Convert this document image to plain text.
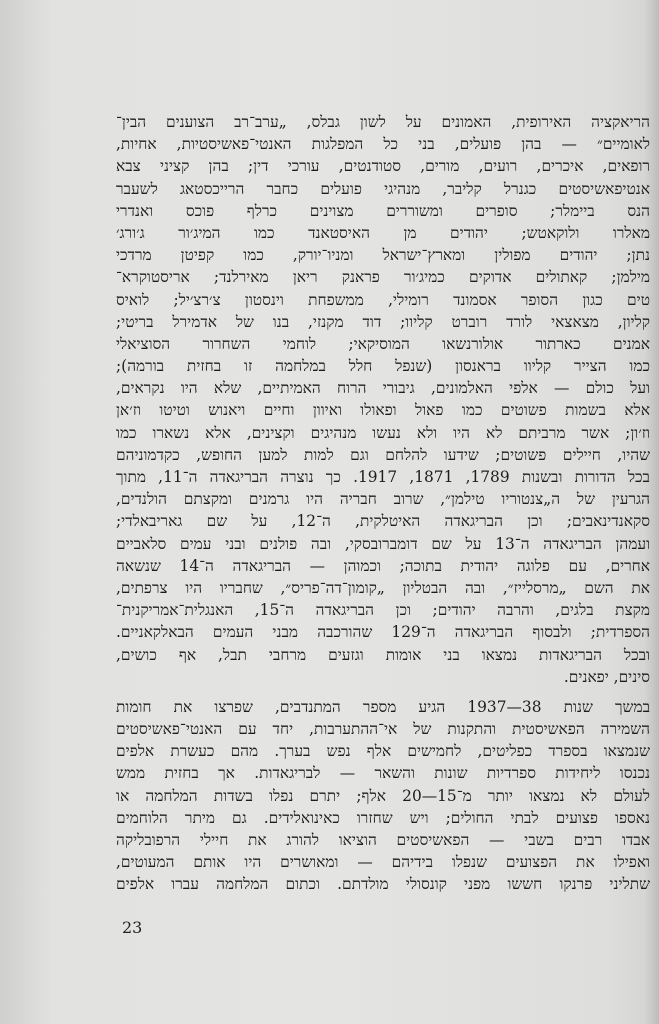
הריאקציה האירופית, האמונים על לשון גבלס, „ערב־רב הצוענים הבין־
לאומיים״ — בהן פועלים, בני כל המפלגות האנטי־פאשיסטיות, אחיות,
רופאים, איכרים, רועים, מורים, סטודנטים, עורכי דין; בהן קציני צבא
אנטיפאשיסטים כגנרל קליבר, מנהיגי פועלים כחבר הרייכסטאג לשעבר
הנס ביימלר; סופרים ומשוררים מצוינים כרלף פוכס ואנדרי
מאלרו ולוקאטש; יהודים מן האיסטאנד כמו המיג׳ור ג׳ורג׳
נתן; יהודים מפולין ומארץ־ישראל ומניו־יורק, כמו קפיטן מרדכי
מילמן; קאתולים אדוקים כמיג׳ור פראנק ריאן מאירלנד; אריסטוקרא־
טים כגון הסופר אסמונד רומילי, ממשפחת וינסטון צ׳רצ׳יל; לואיס
קליון, מצאצאי לורד רוברט קליוו; דוד מקנזי, בנו של אדמירל בריטי;
אמנים כארתור אולורנשאו המוסיקאי; לוחמי השחרור הסוציאלי
כמו הצייר קליוו בראנסון (שנפל חלל במלחמה זו בחזית בורמה);
ועל כולם — אלפי האלמונים, גיבורי הרוח האמיתיים, שלא היו נקראים,
אלא בשמות פשוטים כמו פאול ופאולו ואיוון וחיים ויאנוש וטיטו וז׳אן
וז׳ון; אשר מרביתם לא היו ולא נעשו מנהיגים וקצינים, אלא נשארו כמו
שהיו, חיילים פשוטים; שידעו להלחם וגם למות למען החופש, כקדמוניהם
בכל הדורות ובשנות 1789, 1871, 1917. כך נוצרה הבריגאדה ה־11, מתוך
הגרעין של ה„צנטוריו טילמן״, שרוב חבריה היו גרמנים ומקצתם הולנדים,
סקאנדינאבים; וכן הבריגאדה האיטלקית, ה־12, על שם גאריבאלדי;
ועמהן הבריגאדה ה־13 על שם דומברובסקי, ובה פולנים ובני עמים סלאביים
אחרים, עם פלוגה יהודית בתוכה; וכמוהן — הבריגאדה ה־14 שנשאה
את השם „מרסלייז״, ובה הבטליון „קומון־דה־פריס״, שחבריו היו צרפתים,
מקצת בלגים, והרבה יהודים; וכן הבריגאדה ה־15, האנגלית־אמריקנית־
הספרדית; ולבסוף הבריגאדה ה־129 שהורכבה מבני העמים הבאלקאניים.
ובכל הבריגאדות נמצאו בני אומות וגזעים מרחבי תבל, אף כושים,
סינים, יפאנים.
במשך שנות 38—1937 הגיע מספר המתנדבים, שפרצו את חומות
השמירה הפאשיסטית והתקנות של אי־ההתערבות, יחד עם האנטי־פאשיסטים
שנמצאו בספרד כפליטים, לחמישים אלף נפש בערך. מהם כעשרת אלפים
נכנסו ליחידות ספרדיות שונות והשאר — לבריגאדות. אך בחזית ממש
לעולם לא נמצאו יותר מ־15—20 אלף; יתרם נפלו בשדות המלחמה או
נאספו פצועים לבתי החולים; ויש שחזרו כאינואלידים. גם מיתר הלוחמים
אבדו רבים בשבי — הפאשיסטים הוציאו להורג את חיילי הרפובליקה
ואפילו את הפצועים שנפלו בידיהם — ומאושרים היו אותם המעוטים,
שתליני פרנקו חששו מפני קונסולי מולדתם. וכתום המלחמה עברו אלפים
23
